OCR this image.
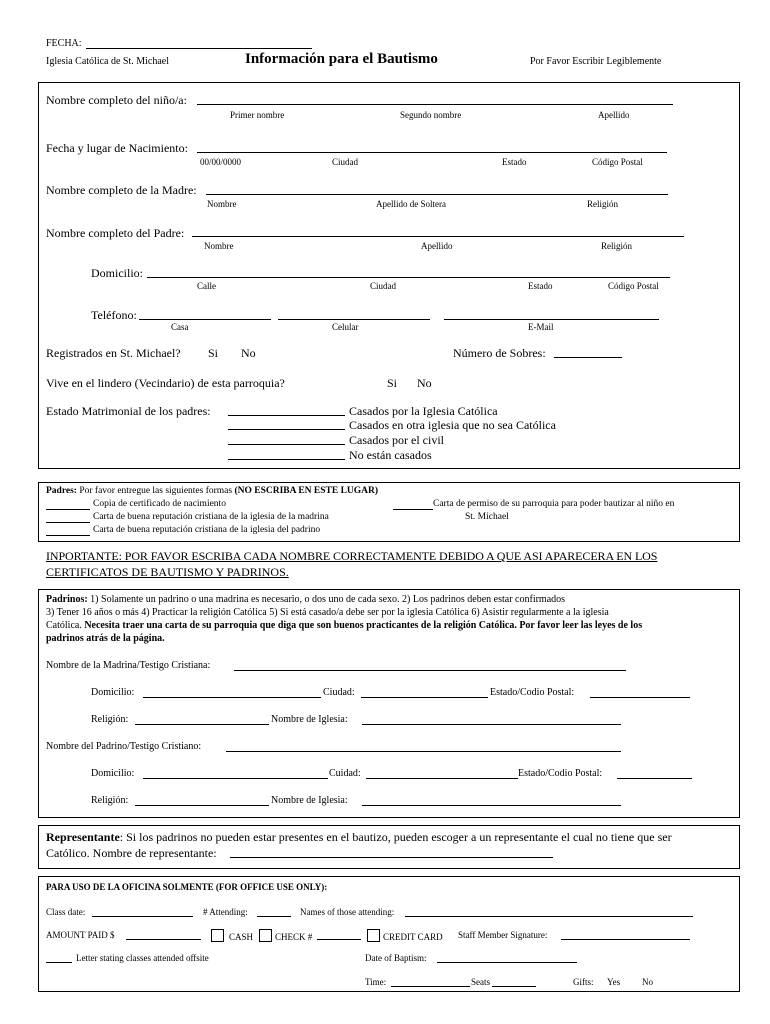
FECHA:
Iglesia Católica de St. Michael	Información para el Bautismo	Por Favor Escribir Legiblemente
Nombre completo del niño/a:
Primer nombre	Segundo nombre	Apellido
Fecha y lugar de Nacimiento:
00/00/0000	Ciudad	Estado	Código Postal
Nombre completo de la Madre:
Nombre	Apellido de Soltera	Religión
Nombre completo del Padre:
Nombre	Apellido	Religión
Domicilio:
Calle	Ciudad	Estado	Código Postal
Teléfono:
Casa	Celular	E-Mail
Registrados en St. Michael? Si No	Número de Sobres:
Vive en el lindero (Vecindario) de esta parroquia?	Si No
Estado Matrimonial de los padres:	Casados por la Iglesia Católica
Casados en otra iglesia que no sea Católica
Casados por el civil
No están casados
Padres: Por favor entregue las siguientes formas (NO ESCRIBA EN ESTE LUGAR)
Copia de certificado de nacimiento
Carta de buena reputación cristiana de la iglesia de la madrina
Carta de buena reputación cristiana de la iglesia del padrino
Carta de permiso de su parroquia para poder bautizar al niño en
St. Michael
INPORTANTE: POR FAVOR ESCRIBA CADA NOMBRE CORRECTAMENTE DEBIDO A QUE ASI APARECERA EN LOS
CERTIFICATOS DE BAUTISMO Y PADRINOS.
Padrinos: 1) Solamente un padrino o una madrina es necesario, o dos uno de cada sexo. 2) Los padrinos deben estar confirmados
3) Tener 16 años o más 4) Practicar la religión Católica 5) Si está casado/a debe ser por la iglesia Católica 6) Asistir regularmente a la iglesia
Católica. Necesita traer una carta de su parroquia que diga que son buenos practicantes de la religión Católica. Por favor leer las leyes de los
padrinos atrás de la página.
Nombre de la Madrina/Testigo Cristiana:
Domicilio:	Ciudad:	Estado/Codio Postal:
Religión:	Nombre de Iglesia:
Nombre del Padrino/Testigo Cristiano:
Domicilio:	Cuidad:	Estado/Codio Postal:
Religión:	Nombre de Iglesia:
Representante: Si los padrinos no pueden estar presentes en el bautizo, pueden escoger a un representante el cual no tiene que ser
Católico. Nombre de representante:
PARA USO DE LA OFICINA SOLMENTE (FOR OFFICE USE ONLY):
Class date:	# Attending:	Names of those attending:
AMOUNT PAID $	CASH	CHECK #	CREDIT CARD Staff Member Signature:
Letter stating classes attended offsite	Date of Baptism:
Time:	Seats	Gifts: Yes No
